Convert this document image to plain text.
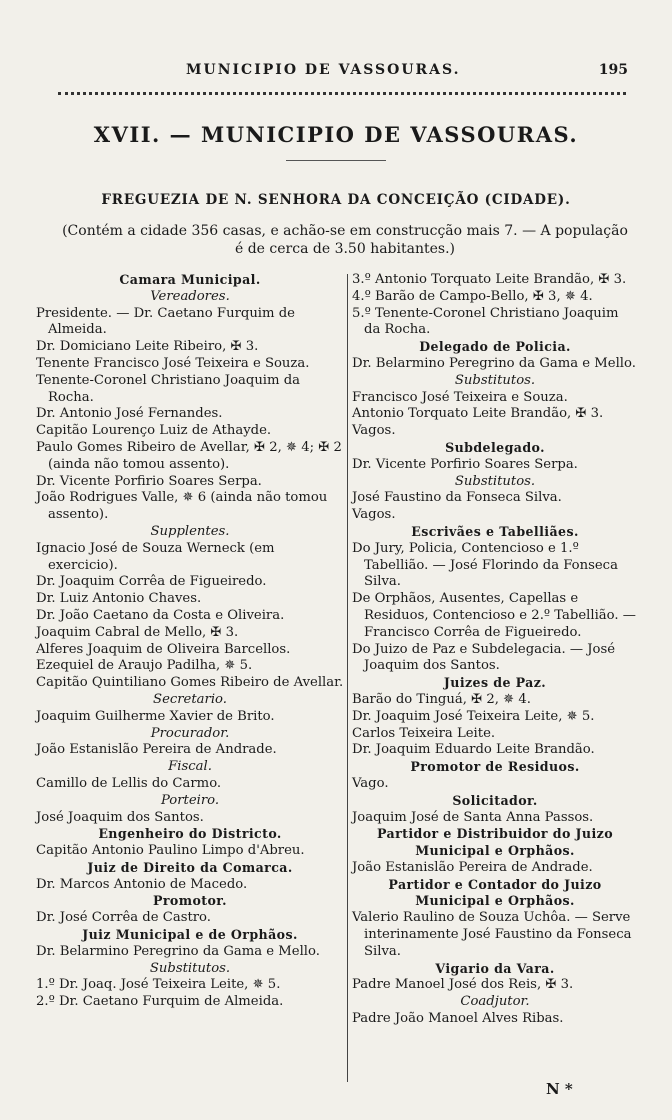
MUNICIPIO DE VASSOURAS.	195
XVII. — MUNICIPIO DE VASSOURAS.
FREGUEZIA DE N. SENHORA DA CONCEIÇÃO (CIDADE).
(Contém a cidade 356 casas, e achão-se em construcção mais 7. — A população é de cerca de 3.50 habitantes.)

Camara Municipal.

Vereadores.

Presidente. — Dr. Caetano Furquim de Almeida.

Dr. Domiciano Leite Ribeiro, ✠ 3.

Tenente Francisco José Teixeira e Souza.

Tenente-Coronel Christiano Joaquim da Rocha.

Dr. Antonio José Fernandes.

Capitão Lourenço Luiz de Athayde.

Paulo Gomes Ribeiro de Avellar, ✠ 2, ✵ 4; ✠ 2 (ainda não tomou assento).

Dr. Vicente Porfirio Soares Serpa.

João Rodrigues Valle, ✵ 6 (ainda não tomou assento).

Supplentes.

Ignacio José de Souza Werneck (em exercicio).

Dr. Joaquim Corrêa de Figueiredo.

Dr. Luiz Antonio Chaves.

Dr. João Caetano da Costa e Oliveira.

Joaquim Cabral de Mello, ✠ 3.

Alferes Joaquim de Oliveira Barcellos.

Ezequiel de Araujo Padilha, ✵ 5.

Capitão Quintiliano Gomes Ribeiro de Avellar.

Secretario.

Joaquim Guilherme Xavier de Brito.

Procurador.

João Estanislão Pereira de Andrade.

Fiscal.

Camillo de Lellis do Carmo.

Porteiro.

José Joaquim dos Santos.

Engenheiro do Districto.

Capitão Antonio Paulino Limpo d'Abreu.

Juiz de Direito da Comarca.

Dr. Marcos Antonio de Macedo.

Promotor.

Dr. José Corrêa de Castro.

Juiz Municipal e de Orphãos.

Dr. Belarmino Peregrino da Gama e Mello.

Substitutos.

1.º Dr. Joaq. José Teixeira Leite, ✵ 5.

2.º Dr. Caetano Furquim de Almeida.

3.º Antonio Torquato Leite Brandão, ✠ 3.

4.º Barão de Campo-Bello, ✠ 3, ✵ 4.

5.º Tenente-Coronel Christiano Joaquim da Rocha.

Delegado de Policia.

Dr. Belarmino Peregrino da Gama e Mello.

Substitutos.

Francisco José Teixeira e Souza.

Antonio Torquato Leite Brandão, ✠ 3.

Vagos.

Subdelegado.

Dr. Vicente Porfirio Soares Serpa.

Substitutos.

José Faustino da Fonseca Silva.

Vagos.

Escrivães e Tabelliães.

Do Jury, Policia, Contencioso e 1.º Tabellião. — José Florindo da Fonseca Silva.

De Orphãos, Ausentes, Capellas e Residuos, Contencioso e 2.º Tabellião. — Francisco Corrêa de Figueiredo.

Do Juizo de Paz e Subdelegacia. — José Joaquim dos Santos.

Juizes de Paz.

Barão do Tinguá, ✠ 2, ✵ 4.

Dr. Joaquim José Teixeira Leite, ✵ 5.

Carlos Teixeira Leite.

Dr. Joaquim Eduardo Leite Brandão.

Promotor de Residuos.

Vago.

Solicitador.

Joaquim José de Santa Anna Passos.

Partidor e Distribuidor do Juizo Municipal e Orphãos.

João Estanislão Pereira de Andrade.

Partidor e Contador do Juizo Municipal e Orphãos.

Valerio Raulino de Souza Uchôa. — Serve interinamente José Faustino da Fonseca Silva.

Vigario da Vara.

Padre Manoel José dos Reis, ✠ 3.

Coadjutor.

Padre João Manoel Alves Ribas.

N *
